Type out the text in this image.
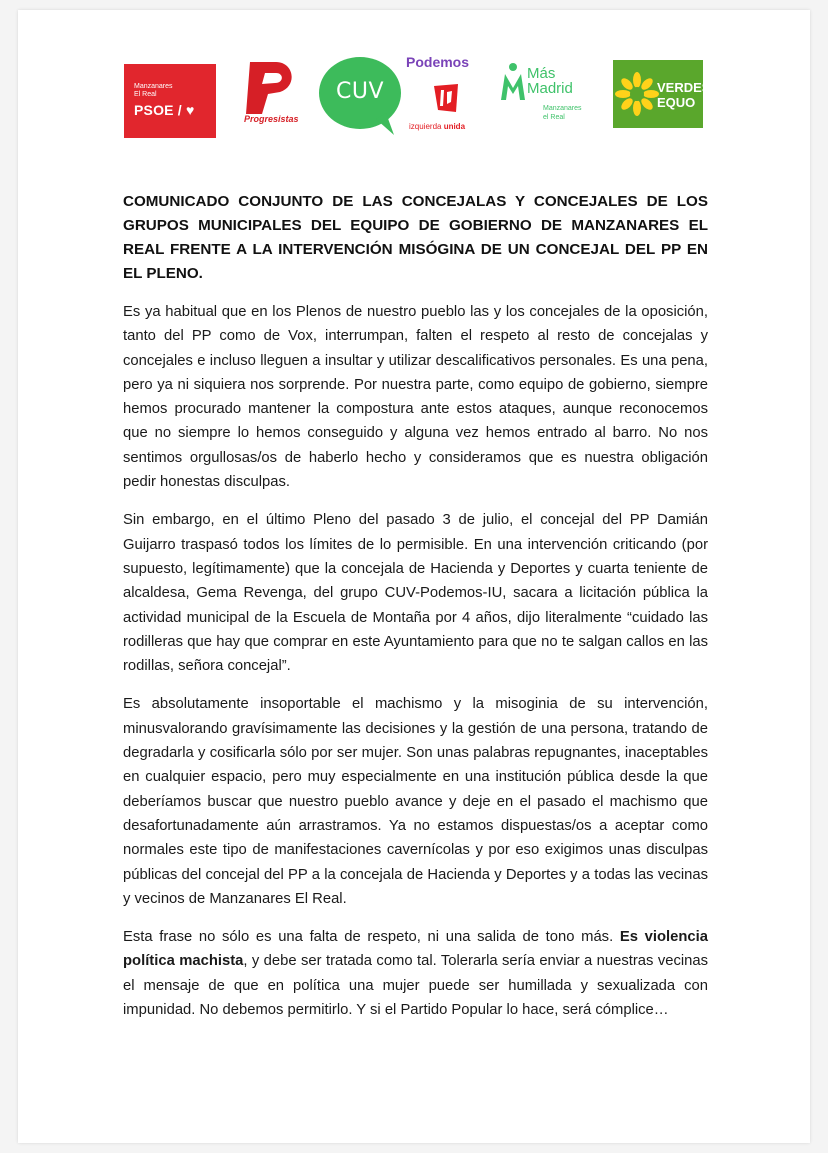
Manzanares
El Real
PSOE / ♥
Progresistas
CUV
Podemos
izquierda unida
Más
Madrid
Manzanares
el Real
VERDES
EQUO
COMUNICADO CONJUNTO DE LAS CONCEJALAS Y CONCEJALES DE LOS GRUPOS MUNICIPALES DEL EQUIPO DE GOBIERNO DE MANZANARES EL REAL FRENTE A LA INTERVENCIÓN MISÓGINA DE UN CONCEJAL DEL PP EN EL PLENO.

Es ya habitual que en los Plenos de nuestro pueblo las y los concejales de la oposición, tanto del PP como de Vox, interrumpan, falten el respeto al resto de concejalas y concejales e incluso lleguen a insultar y utilizar descalificativos personales. Es una pena, pero ya ni siquiera nos sorprende. Por nuestra parte, como equipo de gobierno, siempre hemos procurado mantener la compostura ante estos ataques, aunque reconocemos que no siempre lo hemos conseguido y alguna vez hemos entrado al barro. No nos sentimos orgullosas/os de haberlo hecho y consideramos que es nuestra obligación pedir honestas disculpas.

Sin embargo, en el último Pleno del pasado 3 de julio, el concejal del PP Damián Guijarro traspasó todos los límites de lo permisible. En una intervención criticando (por supuesto, legítimamente) que la concejala de Hacienda y Deportes y cuarta teniente de alcaldesa, Gema Revenga, del grupo CUV-Podemos-IU, sacara a licitación pública la actividad municipal de la Escuela de Montaña por 4 años, dijo literalmente “cuidado las rodilleras que hay que comprar en este Ayuntamiento para que no te salgan callos en las rodillas, señora concejal”.

Es absolutamente insoportable el machismo y la misoginia de su intervención, minusvalorando gravísimamente las decisiones y la gestión de una persona, tratando de degradarla y cosificarla sólo por ser mujer. Son unas palabras repugnantes, inaceptables en cualquier espacio, pero muy especialmente en una institución pública desde la que deberíamos buscar que nuestro pueblo avance y deje en el pasado el machismo que desafortunadamente aún arrastramos. Ya no estamos dispuestas/os a aceptar como normales este tipo de manifestaciones cavernícolas y por eso exigimos unas disculpas públicas del concejal del PP a la concejala de Hacienda y Deportes y a todas las vecinas y vecinos de Manzanares El Real.

Esta frase no sólo es una falta de respeto, ni una salida de tono más. Es violencia política machista, y debe ser tratada como tal. Tolerarla sería enviar a nuestras vecinas el mensaje de que en política una mujer puede ser humillada y sexualizada con impunidad. No debemos permitirlo. Y si el Partido Popular lo hace, será cómplice…
